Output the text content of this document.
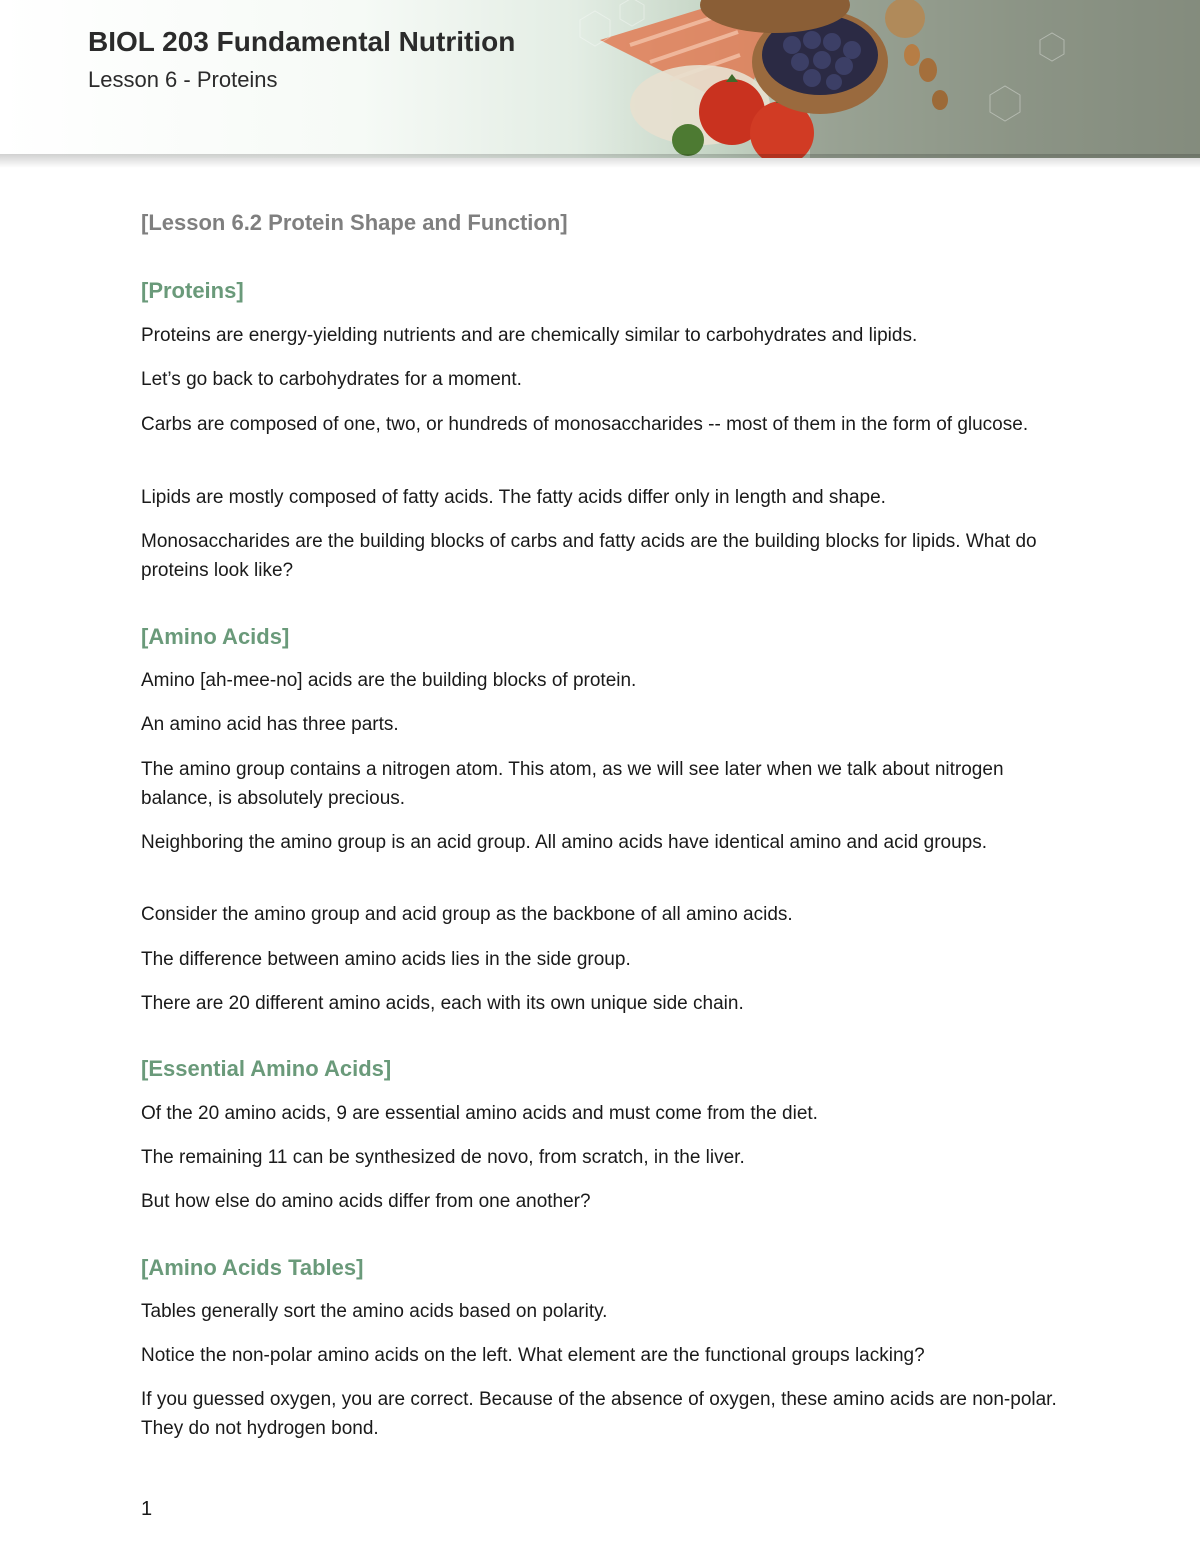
BIOL 203 Fundamental Nutrition
Lesson 6 - Proteins
[Lesson 6.2 Protein Shape and Function]
[Proteins]

Proteins are energy-yielding nutrients and are chemically similar to carbohydrates and lipids.

Let’s go back to carbohydrates for a moment.

Carbs are composed of one, two, or hundreds of monosaccharides -- most of them in the form of glucose.

Lipids are mostly composed of fatty acids. The fatty acids differ only in length and shape.

Monosaccharides are the building blocks of carbs and fatty acids are the building blocks for lipids. What do proteins look like?

[Amino Acids]

Amino [ah-mee-no] acids are the building blocks of protein.

An amino acid has three parts.

The amino group contains a nitrogen atom. This atom, as we will see later when we talk about nitrogen balance, is absolutely precious.

Neighboring the amino group is an acid group. All amino acids have identical amino and acid groups.

Consider the amino group and acid group as the backbone of all amino acids.

The difference between amino acids lies in the side group.

There are 20 different amino acids, each with its own unique side chain.

[Essential Amino Acids]

Of the 20 amino acids, 9 are essential amino acids and must come from the diet.

The remaining 11 can be synthesized de novo, from scratch, in the liver.

But how else do amino acids differ from one another?

[Amino Acids Tables]

Tables generally sort the amino acids based on polarity.

Notice the non-polar amino acids on the left. What element are the functional groups lacking?

If you guessed oxygen, you are correct. Because of the absence of oxygen, these amino acids are non-polar. They do not hydrogen bond.

1
